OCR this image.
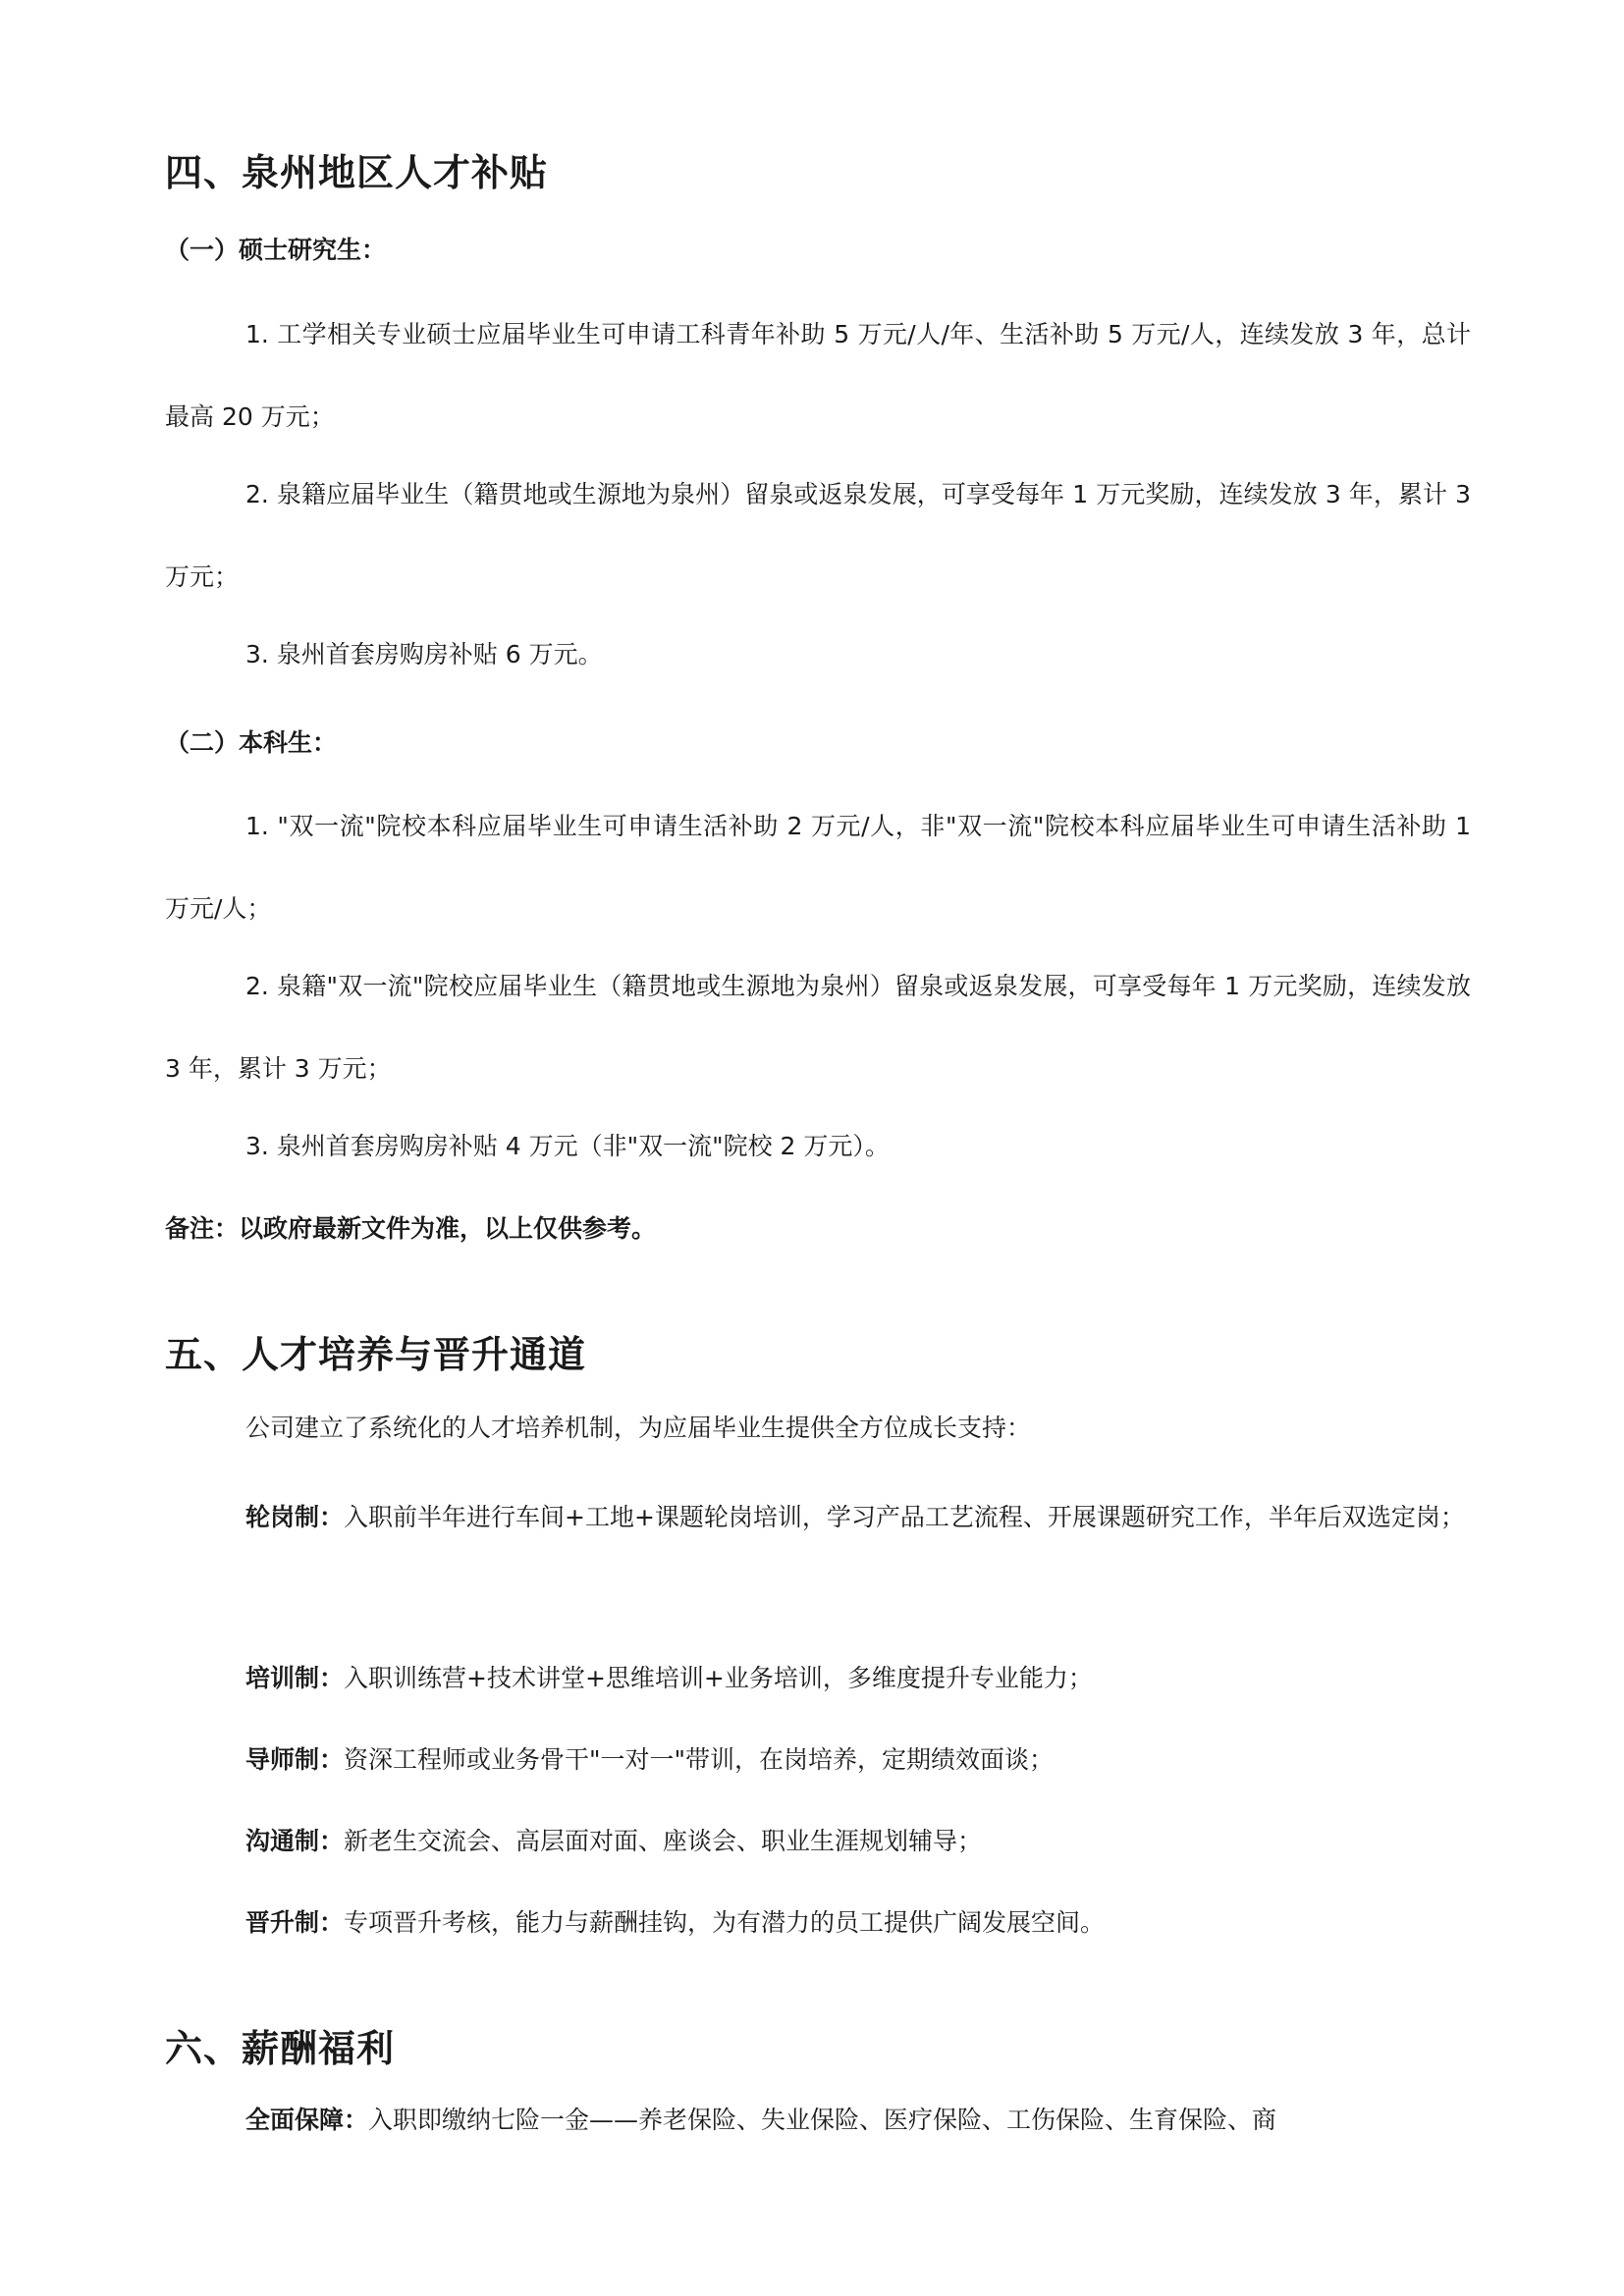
四、泉州地区人才补贴
（一）硕士研究生：
1. 工学相关专业硕士应届毕业生可申请工科青年补助 5 万元/人/年、生活补助 5 万元/人，连续发放 3 年，总计最高 20 万元；
2. 泉籍应届毕业生（籍贯地或生源地为泉州）留泉或返泉发展，可享受每年 1 万元奖励，连续发放 3 年，累计 3 万元；
3. 泉州首套房购房补贴 6 万元。
（二）本科生：
1. "双一流"院校本科应届毕业生可申请生活补助 2 万元/人，非"双一流"院校本科应届毕业生可申请生活补助 1 万元/人；
2. 泉籍"双一流"院校应届毕业生（籍贯地或生源地为泉州）留泉或返泉发展，可享受每年 1 万元奖励，连续发放 3 年，累计 3 万元；
3. 泉州首套房购房补贴 4 万元（非"双一流"院校 2 万元）。
备注：以政府最新文件为准，以上仅供参考。
五、人才培养与晋升通道
公司建立了系统化的人才培养机制，为应届毕业生提供全方位成长支持：
轮岗制：入职前半年进行车间+工地+课题轮岗培训，学习产品工艺流程、开展课题研究工作，半年后双选定岗；
培训制：入职训练营+技术讲堂+思维培训+业务培训，多维度提升专业能力；
导师制：资深工程师或业务骨干"一对一"带训，在岗培养，定期绩效面谈；
沟通制：新老生交流会、高层面对面、座谈会、职业生涯规划辅导；
晋升制：专项晋升考核，能力与薪酬挂钩，为有潜力的员工提供广阔发展空间。
六、薪酬福利
全面保障：入职即缴纳七险一金——养老保险、失业保险、医疗保险、工伤保险、生育保险、商
